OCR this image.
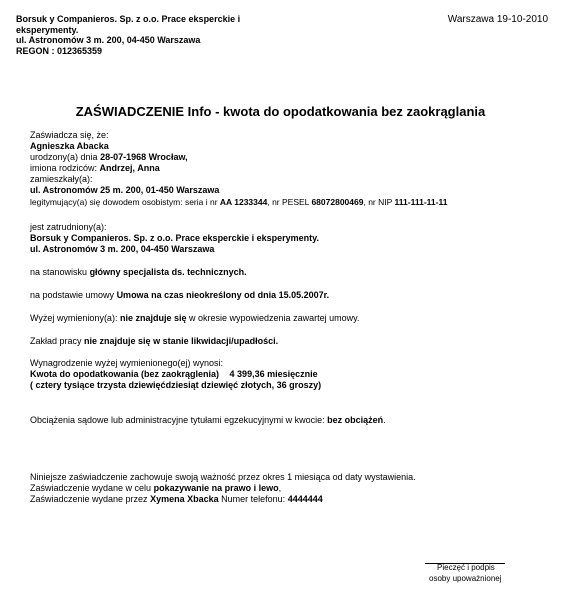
Borsuk y Companieros. Sp. z o.o. Prace eksperckie i
eksperymenty.
ul. Astronomów 3 m. 200, 04-450 Warszawa
REGON : 012365359
Warszawa 19-10-2010
ZAŚWIADCZENIE Info - kwota do opodatkowania bez zaokrąglania
Zaświadcza się, że:
Agnieszka Abacka
urodzony(a) dnia 28-07-1968 Wrocław,
imiona rodziców: Andrzej, Anna
zamieszkały(a):
ul. Astronomów 25 m. 200, 01-450 Warszawa
legitymujący(a) się dowodem osobistym: seria i nr AA 1233344, nr PESEL 68072800469, nr NIP 111-111-11-11
jest zatrudniony(a):
Borsuk y Companieros. Sp. z o.o. Prace eksperckie i eksperymenty.
ul. Astronomów 3 m. 200, 04-450 Warszawa
na stanowisku główny specjalista ds. technicznych.
na podstawie umowy Umowa na czas nieokreślony od dnia 15.05.2007r.
Wyżej wymieniony(a): nie znajduje się w okresie wypowiedzenia zawartej umowy.
Zakład pracy nie znajduje się w stanie likwidacji/upadłości.
Wynagrodzenie wyżej wymienionego(ej) wynosi:
Kwota do opodatkowania (bez zaokrąglenia) 4 399,36 miesięcznie
( cztery tysiące trzysta dziewięćdziesiąt dziewięć złotych, 36 groszy)
Obciążenia sądowe lub administracyjne tytułami egzekucyjnymi w kwocie: bez obciążeń.
Niniejsze zaświadczenie zachowuje swoją ważność przez okres 1 miesiąca od daty wystawienia.
Zaświadczenie wydane w celu pokazywanie na prawo i lewo,
Zaświadczenie wydane przez Xymena Xbacka Numer telefonu: 4444444
Pieczęć i podpis
osoby upoważnionej
